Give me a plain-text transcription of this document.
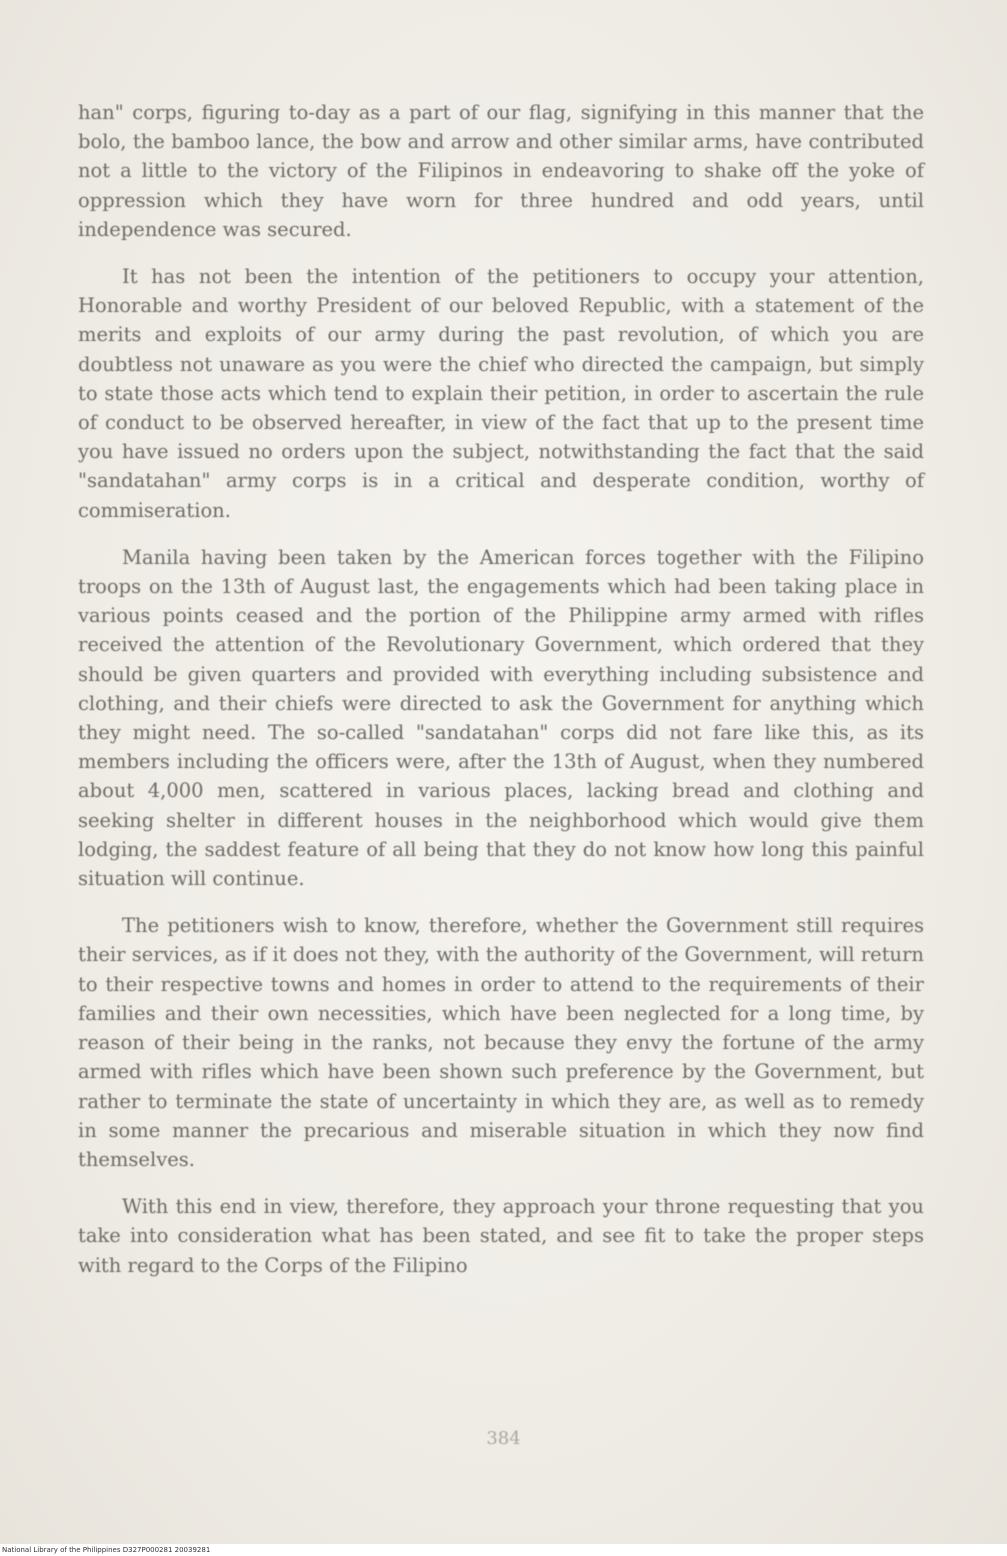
han" corps, figuring to-day as a part of our flag, signifying in this manner that the bolo, the bamboo lance, the bow and arrow and other similar arms, have contributed not a little to the victory of the Filipinos in endeavoring to shake off the yoke of oppression which they have worn for three hundred and odd years, until independence was secured.

It has not been the intention of the petitioners to occupy your attention, Honorable and worthy President of our beloved Republic, with a statement of the merits and exploits of our army during the past revolution, of which you are doubtless not unaware as you were the chief who directed the campaign, but simply to state those acts which tend to explain their petition, in order to ascertain the rule of conduct to be observed hereafter, in view of the fact that up to the present time you have issued no orders upon the subject, notwithstanding the fact that the said "sandatahan" army corps is in a critical and desperate condition, worthy of commiseration.

Manila having been taken by the American forces together with the Filipino troops on the 13th of August last, the engagements which had been taking place in various points ceased and the portion of the Philippine army armed with rifles received the attention of the Revolutionary Government, which ordered that they should be given quarters and provided with everything including subsistence and clothing, and their chiefs were directed to ask the Government for anything which they might need. The so-called "sandatahan" corps did not fare like this, as its members including the officers were, after the 13th of August, when they numbered about 4,000 men, scattered in various places, lacking bread and clothing and seeking shelter in different houses in the neighborhood which would give them lodging, the saddest feature of all being that they do not know how long this painful situation will continue.

The petitioners wish to know, therefore, whether the Government still requires their services, as if it does not they, with the authority of the Government, will return to their respective towns and homes in order to attend to the requirements of their families and their own necessities, which have been neglected for a long time, by reason of their being in the ranks, not because they envy the fortune of the army armed with rifles which have been shown such preference by the Government, but rather to terminate the state of uncertainty in which they are, as well as to remedy in some manner the precarious and miserable situation in which they now find themselves.

With this end in view, therefore, they approach your throne requesting that you take into consideration what has been stated, and see fit to take the proper steps with regard to the Corps of the Filipino

384
National Library of the Philippines D327P000281 20039281
